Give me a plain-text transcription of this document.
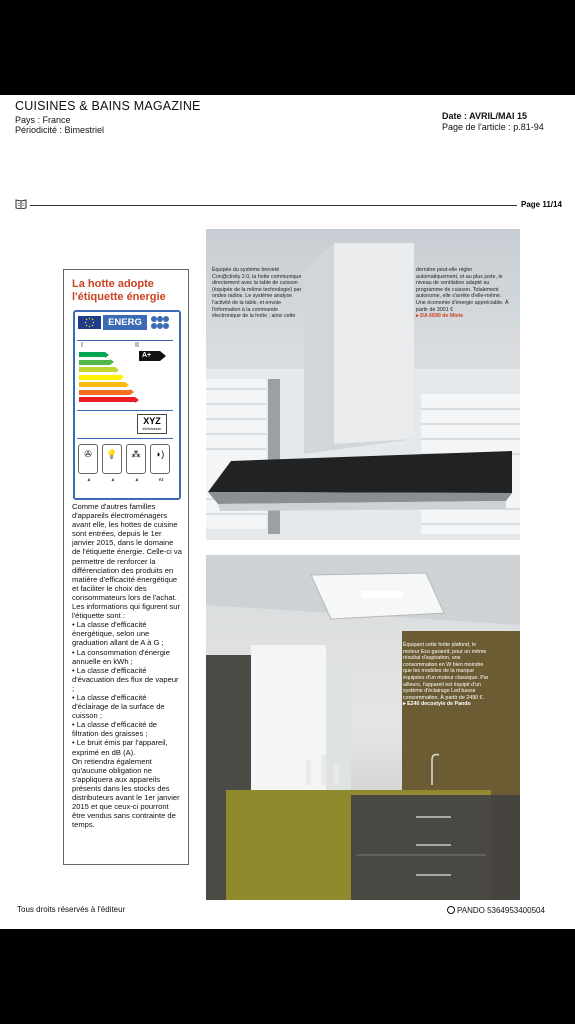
CUISINES & BAINS MAGAZINE
Pays : France
Périodicité : Bimestriel
Date : AVRIL/MAI 15
Page de l'article : p.81-94
Page 11/14
La hotte adopte l'étiquette énergie
ENERG
I	II
A+
XYZ
kWh/annum
✇
A
💡
A
⁂
A
◗)
YZ

Comme d'autres familles d'appareils électroménagers avant elle, les hottes de cuisine sont entrées, depuis le 1er janvier 2015, dans le domaine de l'étiquette énergie. Celle-ci va permettre de renforcer la différenciation des produits en matière d'efficacité énergétique et faciliter le choix des consommateurs lors de l'achat.

Les informations qui figurent sur l'étiquette sont :

• La classe d'efficacité énergétique, selon une graduation allant de A à G ;

• La consommation d'énergie annuelle en kWh ;

• La classe d'efficacité d'évacuation des flux de vapeur ;

• La classe d'efficacité d'éclairage de la surface de cuisson ;

• La classe d'efficacité de filtration des graisses ;

• Le bruit émis par l'appareil, exprimé en dB (A).

On retiendra également qu'aucune obligation ne s'appliquera aux appareils présents dans les stocks des distributeurs avant le 1er janvier 2015 et que ceux-ci pourront être vendus sans contrainte de temps.

Équipée du système breveté Con@ctivity 2.0, la hotte communique directement avec la table de cuisson (équipée de la même technologie) par ondes radios. Le système analyse l'activité de la table, et envoie l'information à la commande électronique de la hotte ; ainsi cette
dernière peut-elle régler automatiquement, et au plus juste, le niveau de ventilation adapté au programme de cuisson. Totalement autonome, elle s'arrête d'elle-même. Une économie d'énergie appréciable. À partir de 3001 €
▸ DA 6690 de Miele
Équipant cette hotte plafond, le moteur Eco garantit, pour un même résultat d'aspiration, une consommation en W bien moindre que les modèles de la marque équipées d'un moteur classique. Par ailleurs, l'appareil est équipé d'un système d'éclairage Led basse consommation. À partir de 2490 €.
▸ E240 decostyle de Pando
Tous droits réservés à l'éditeur	PANDO 5364953400504
